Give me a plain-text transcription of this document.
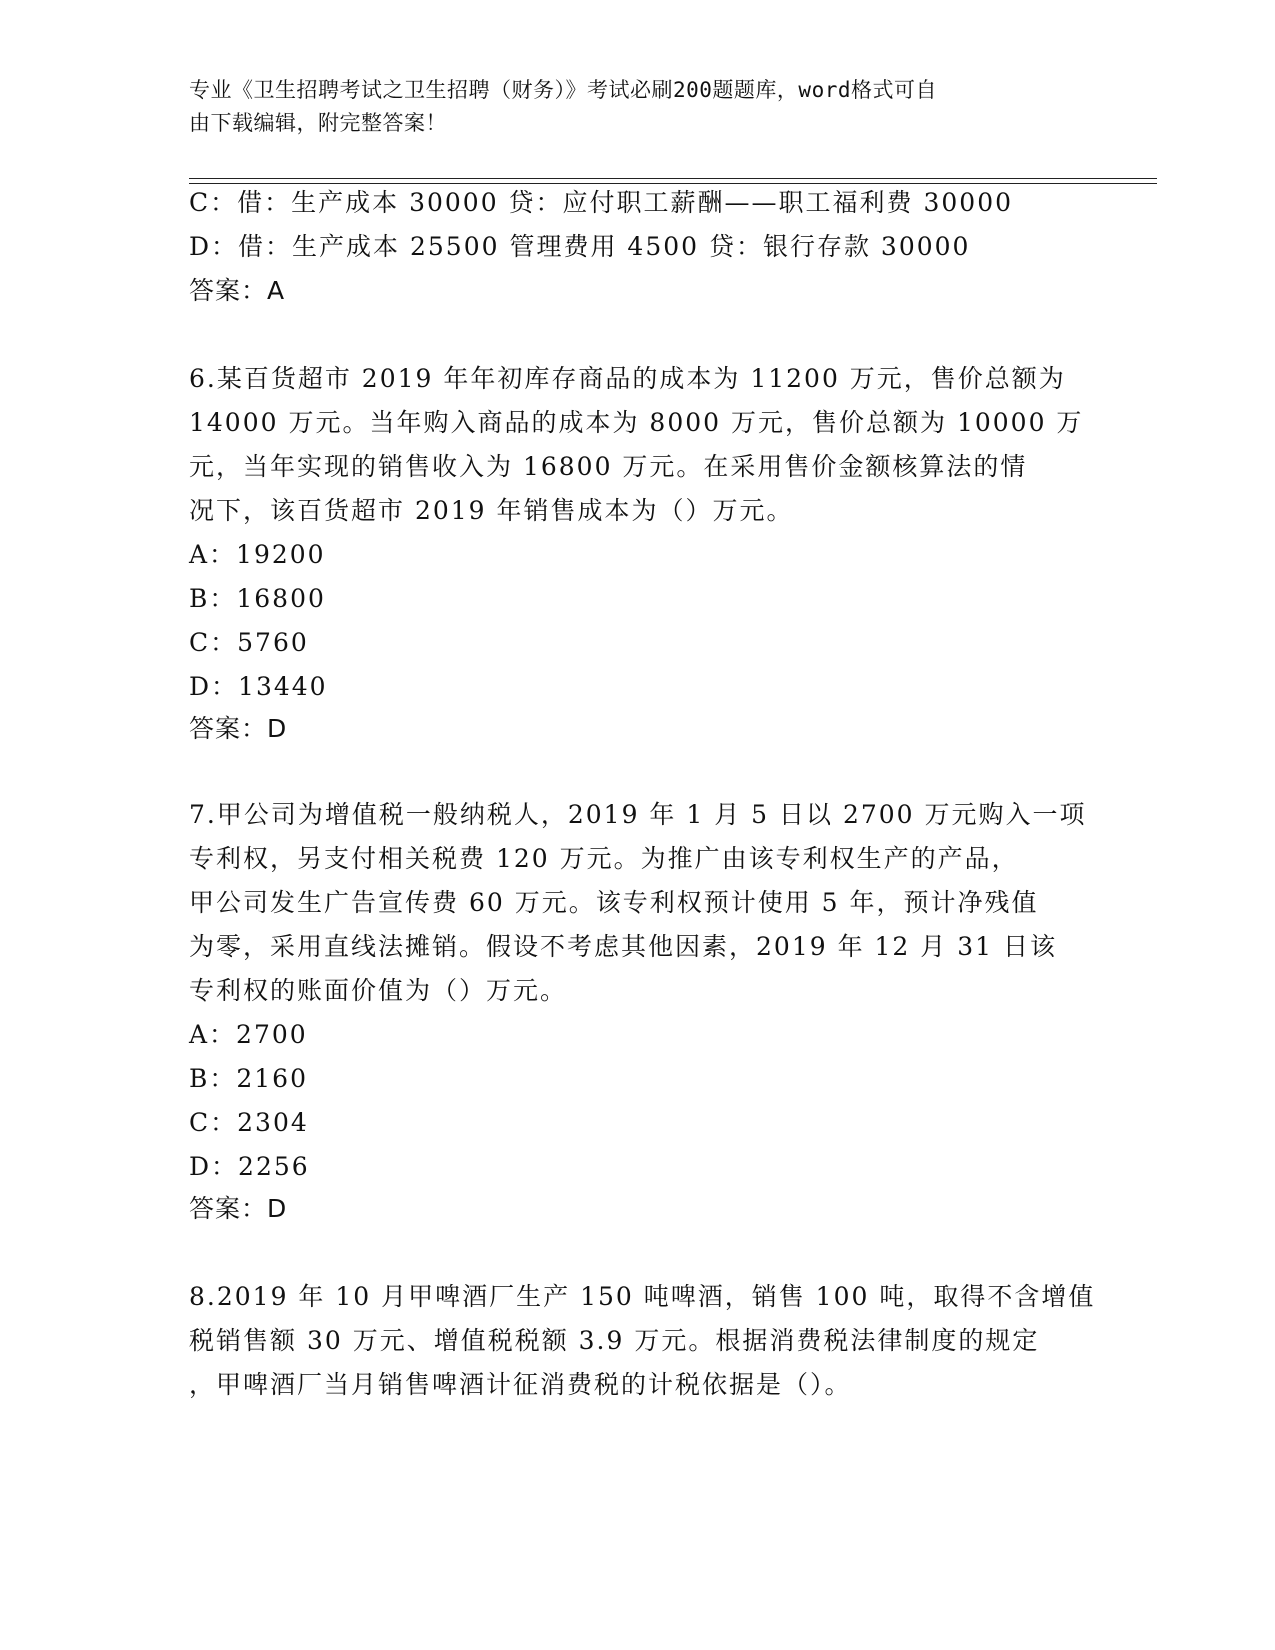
专业《卫生招聘考试之卫生招聘（财务）》考试必刷200题题库，word格式可自
由下载编辑，附完整答案！
C：借：生产成本 30000 贷：应付职工薪酬——职工福利费 30000
D：借：生产成本 25500 管理费用 4500 贷：银行存款 30000
答案：A
6.某百货超市 2019 年年初库存商品的成本为 11200 万元，售价总额为
14000 万元。当年购入商品的成本为 8000 万元，售价总额为 10000 万
元，当年实现的销售收入为 16800 万元。在采用售价金额核算法的情
况下，该百货超市 2019 年销售成本为（）万元。
A：19200
B：16800
C：5760
D：13440
答案：D
7.甲公司为增值税一般纳税人，2019 年 1 月 5 日以 2700 万元购入一项
专利权，另支付相关税费 120 万元。为推广由该专利权生产的产品，
甲公司发生广告宣传费 60 万元。该专利权预计使用 5 年，预计净残值
为零，采用直线法摊销。假设不考虑其他因素，2019 年 12 月 31 日该
专利权的账面价值为（）万元。
A：2700
B：2160
C：2304
D：2256
答案：D
8.2019 年 10 月甲啤酒厂生产 150 吨啤酒，销售 100 吨，取得不含增值
税销售额 30 万元、增值税税额 3.9 万元。根据消费税法律制度的规定
，甲啤酒厂当月销售啤酒计征消费税的计税依据是（）。
